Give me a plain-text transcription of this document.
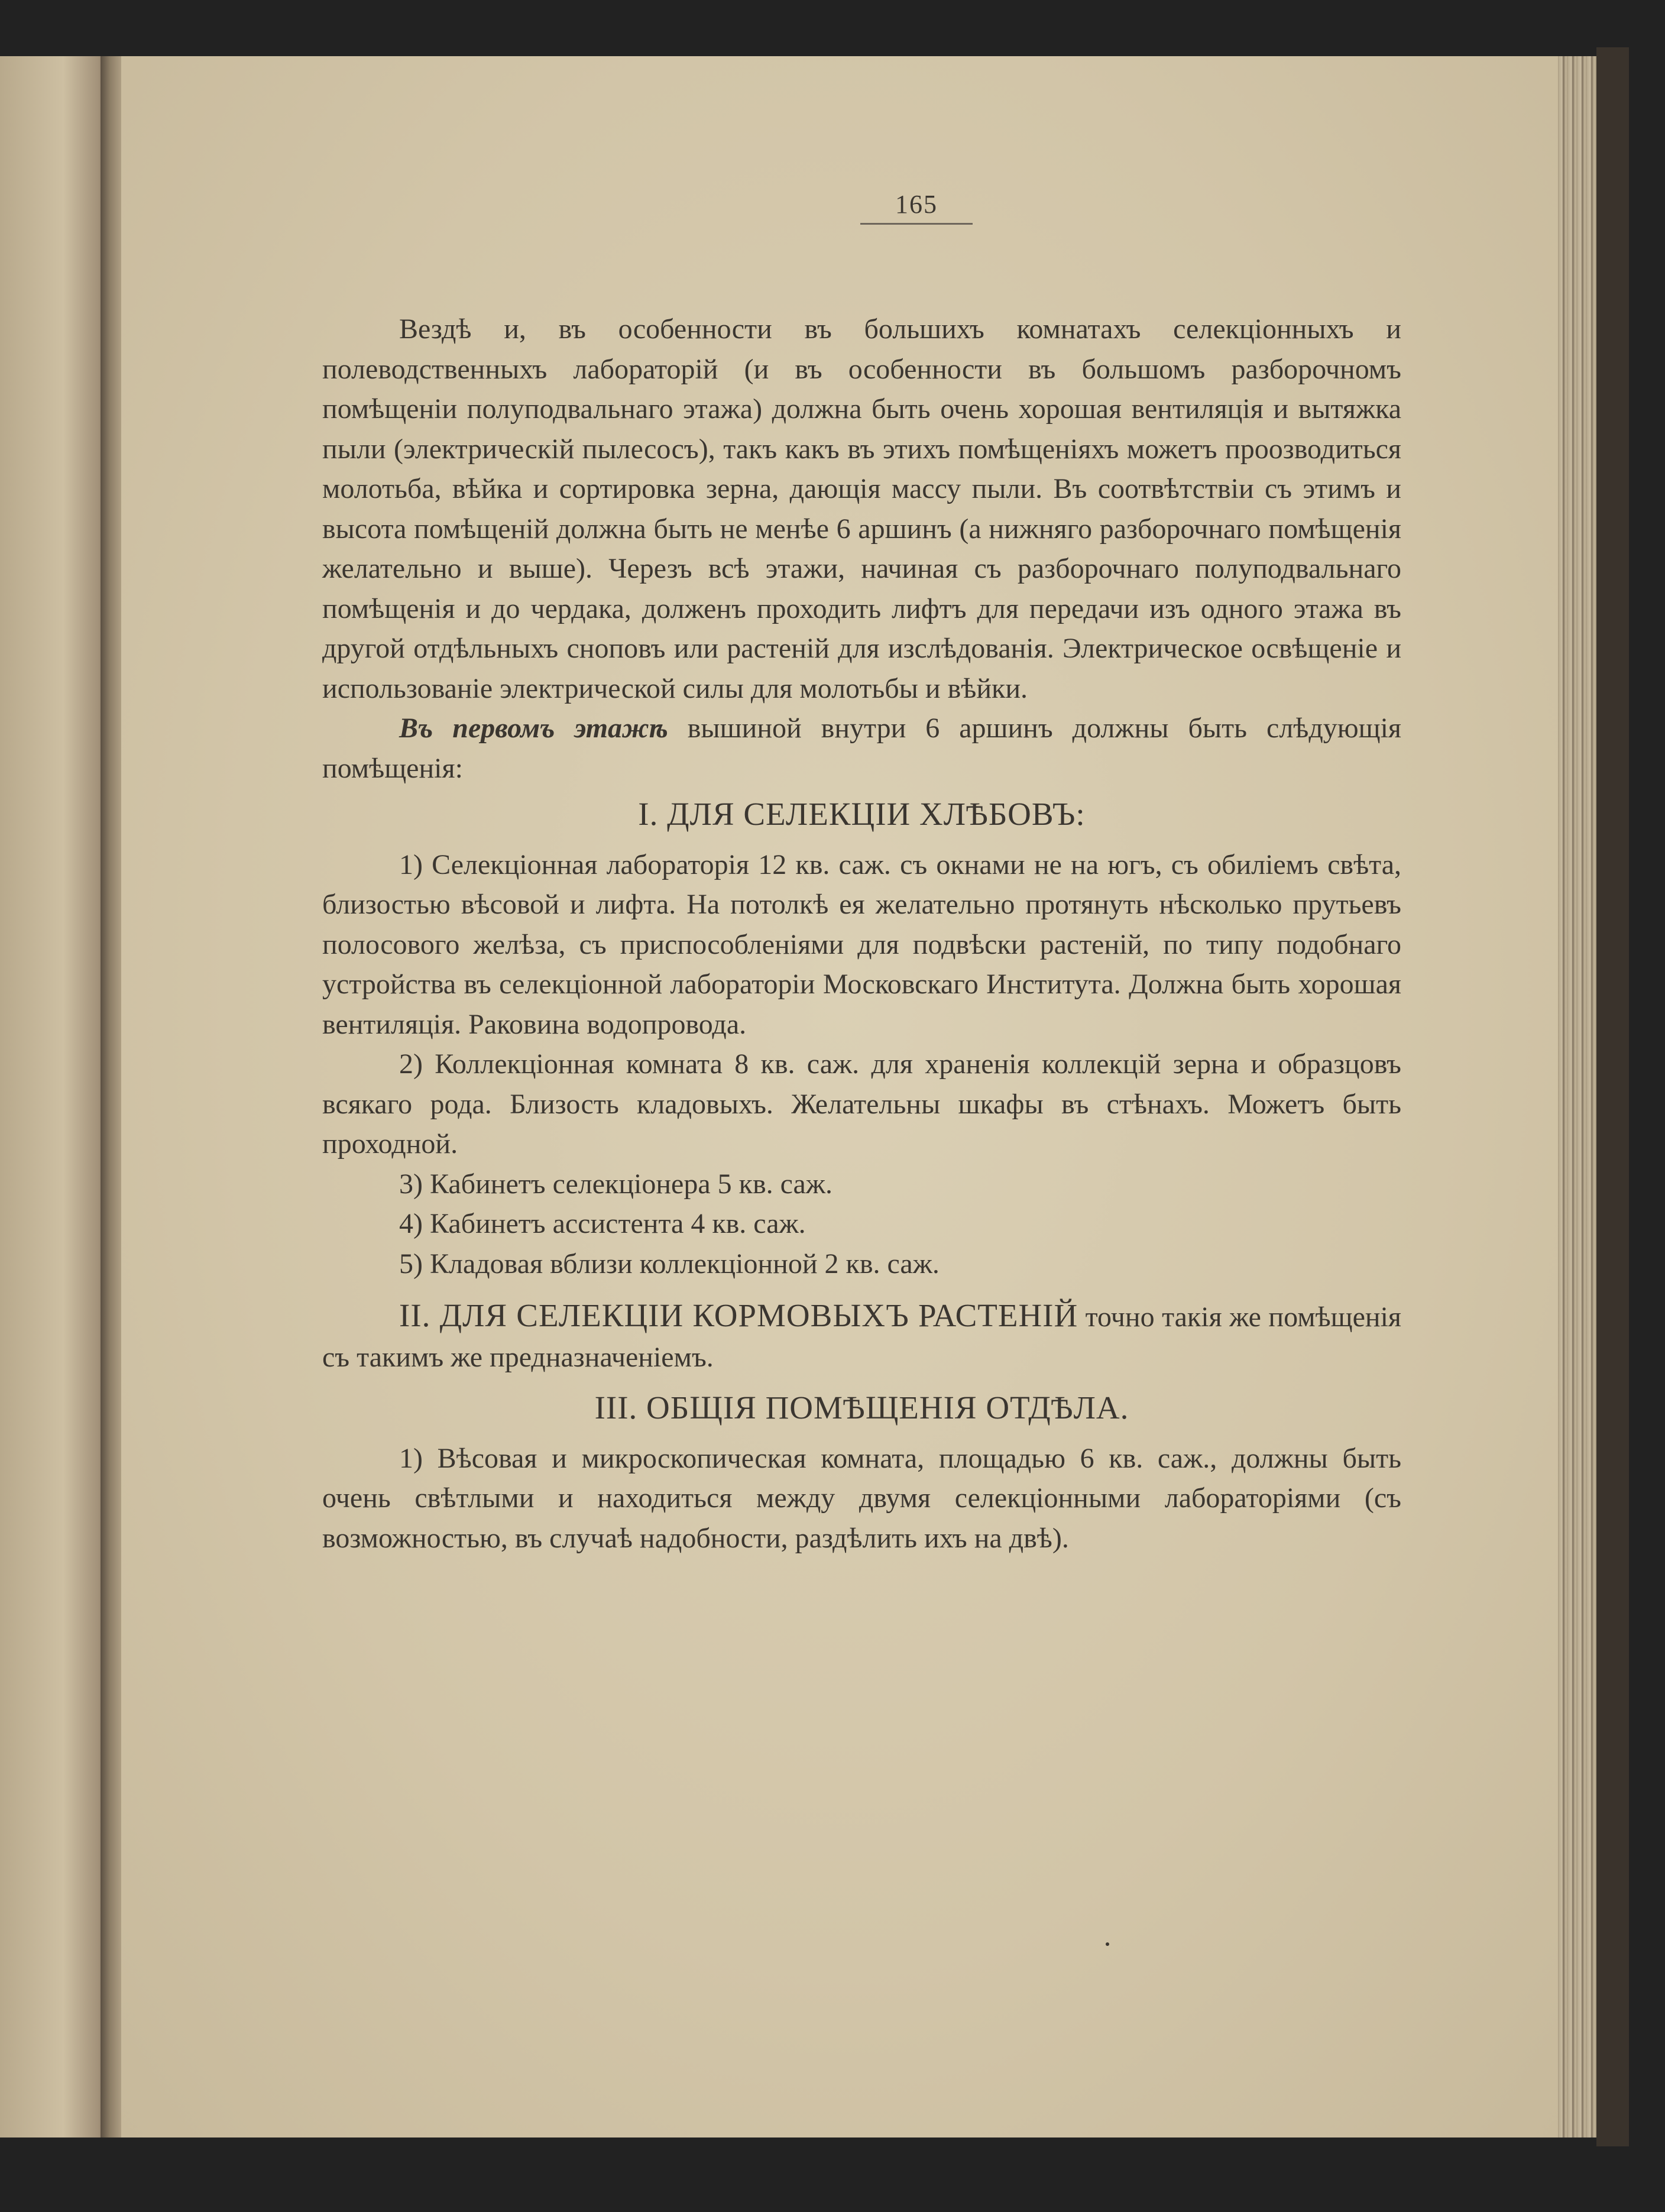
165

Вездѣ и, въ особенности въ большихъ комнатахъ селекціонныхъ и полеводственныхъ лабораторій (и въ особенности въ большомъ разборочномъ помѣщеніи полуподвальнаго этажа) должна быть очень хорошая вентиляція и вытяжка пыли (электрическій пылесосъ), такъ какъ въ этихъ помѣщеніяхъ можетъ проозводиться молотьба, вѣйка и сортировка зерна, дающія массу пыли. Въ соотвѣтствіи съ этимъ и высота помѣщеній должна быть не менѣе 6 аршинъ (а нижняго разборочнаго помѣщенія желательно и выше). Черезъ всѣ этажи, начиная съ разборочнаго полуподвальнаго помѣщенія и до чердака, долженъ проходить лифтъ для передачи изъ одного этажа въ другой отдѣльныхъ сноповъ или растеній для изслѣдованія. Электрическое освѣщеніе и использованіе электрической силы для молотьбы и вѣйки.

Въ первомъ этажѣ вышиной внутри 6 аршинъ должны быть слѣдующія помѣщенія:

I. ДЛЯ СЕЛЕКЦІИ ХЛѢБОВЪ:

1) Селекціонная лабораторія 12 кв. саж. съ окнами не на югъ, съ обиліемъ свѣта, близостью вѣсовой и лифта. На потолкѣ ея желательно протянуть нѣсколько прутьевъ полосового желѣза, съ приспособленіями для подвѣски растеній, по типу подобнаго устройства въ селекціонной лабораторіи Московскаго Института. Должна быть хорошая вентиляція. Раковина водопровода.

2) Коллекціонная комната 8 кв. саж. для храненія коллекцій зерна и образцовъ всякаго рода. Близость кладовыхъ. Желательны шкафы въ стѣнахъ. Можетъ быть проходной.

3) Кабинетъ селекціонера 5 кв. саж.

4) Кабинетъ ассистента 4 кв. саж.

5) Кладовая вблизи коллекціонной 2 кв. саж.

II. ДЛЯ СЕЛЕКЦІИ КОРМОВЫХЪ РАСТЕНІЙ точно такія же помѣщенія съ такимъ же предназначеніемъ.

III. ОБЩІЯ ПОМѢЩЕНІЯ ОТДѢЛА.

1) Вѣсовая и микроскопическая комната, площадью 6 кв. саж., должны быть очень свѣтлыми и находиться между двумя селекціонными лабораторіями (съ возможностью, въ случаѣ надобности, раздѣлить ихъ на двѣ).
